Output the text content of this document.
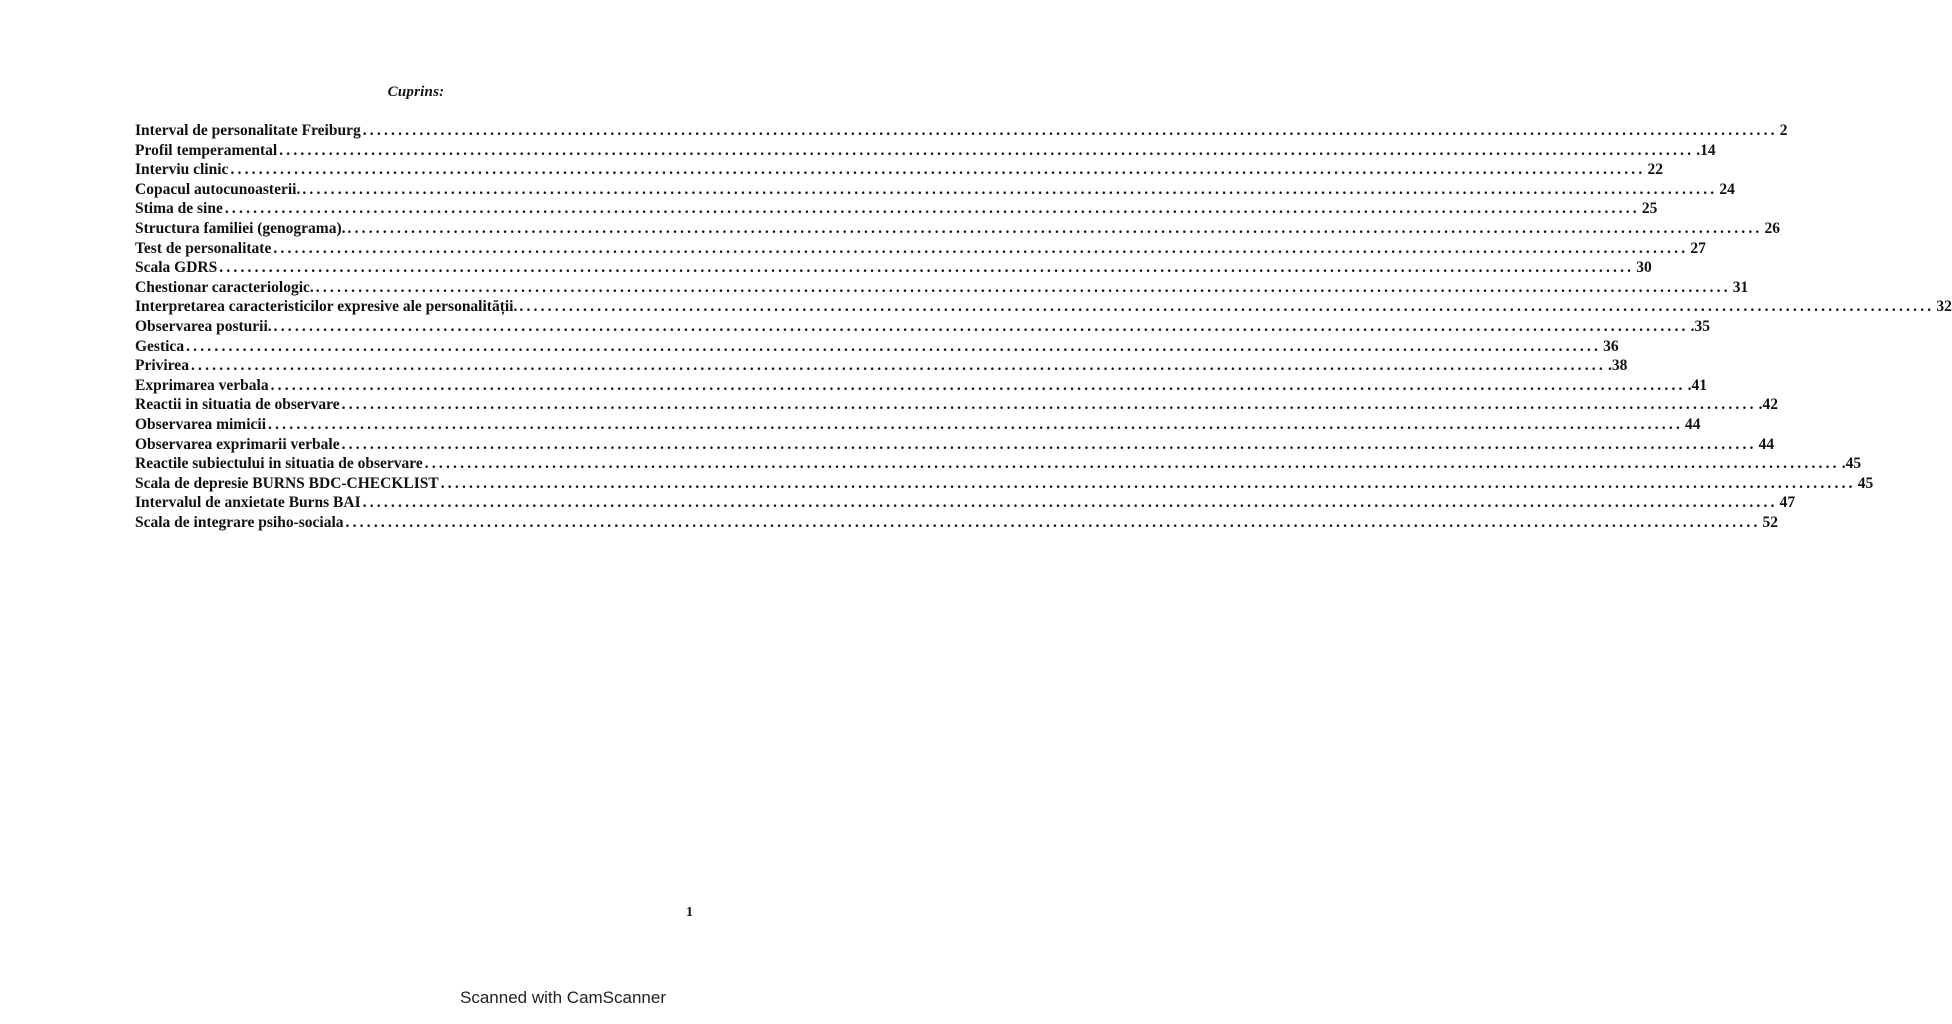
Cuprins:
Interval de personalitate Freiburg ........................................................................................................................................................................................................ 2
Profil temperamental ........................................................................................................................................................................................................ .14
Interviu clinic ........................................................................................................................................................................................................ 22
Copacul autocunoasterii. ........................................................................................................................................................................................................ 24
Stima de sine ........................................................................................................................................................................................................ 25
Structura familiei (genograma). ........................................................................................................................................................................................................ 26
Test de personalitate ........................................................................................................................................................................................................ 27
Scala GDRS ........................................................................................................................................................................................................ 30
Chestionar caracteriologic. ........................................................................................................................................................................................................ 31
Interpretarea caracteristicilor expresive ale personalității. ........................................................................................................................................................................................................ 32
Observarea posturii. ........................................................................................................................................................................................................ .35
Gestica ........................................................................................................................................................................................................ 36
Privirea ........................................................................................................................................................................................................ .38
Exprimarea verbala ........................................................................................................................................................................................................ .41
Reactii in situatia de observare ........................................................................................................................................................................................................ .42
Observarea mimicii ........................................................................................................................................................................................................ 44
Observarea exprimarii verbale ........................................................................................................................................................................................................ 44
Reactile subiectului in situatia de observare ........................................................................................................................................................................................................ .45
Scala de depresie BURNS BDC-CHECKLIST ........................................................................................................................................................................................................ 45
Intervalul de anxietate Burns BAI ........................................................................................................................................................................................................ 47
Scala de integrare psiho-sociala ........................................................................................................................................................................................................ 52
1
Scanned with CamScanner
